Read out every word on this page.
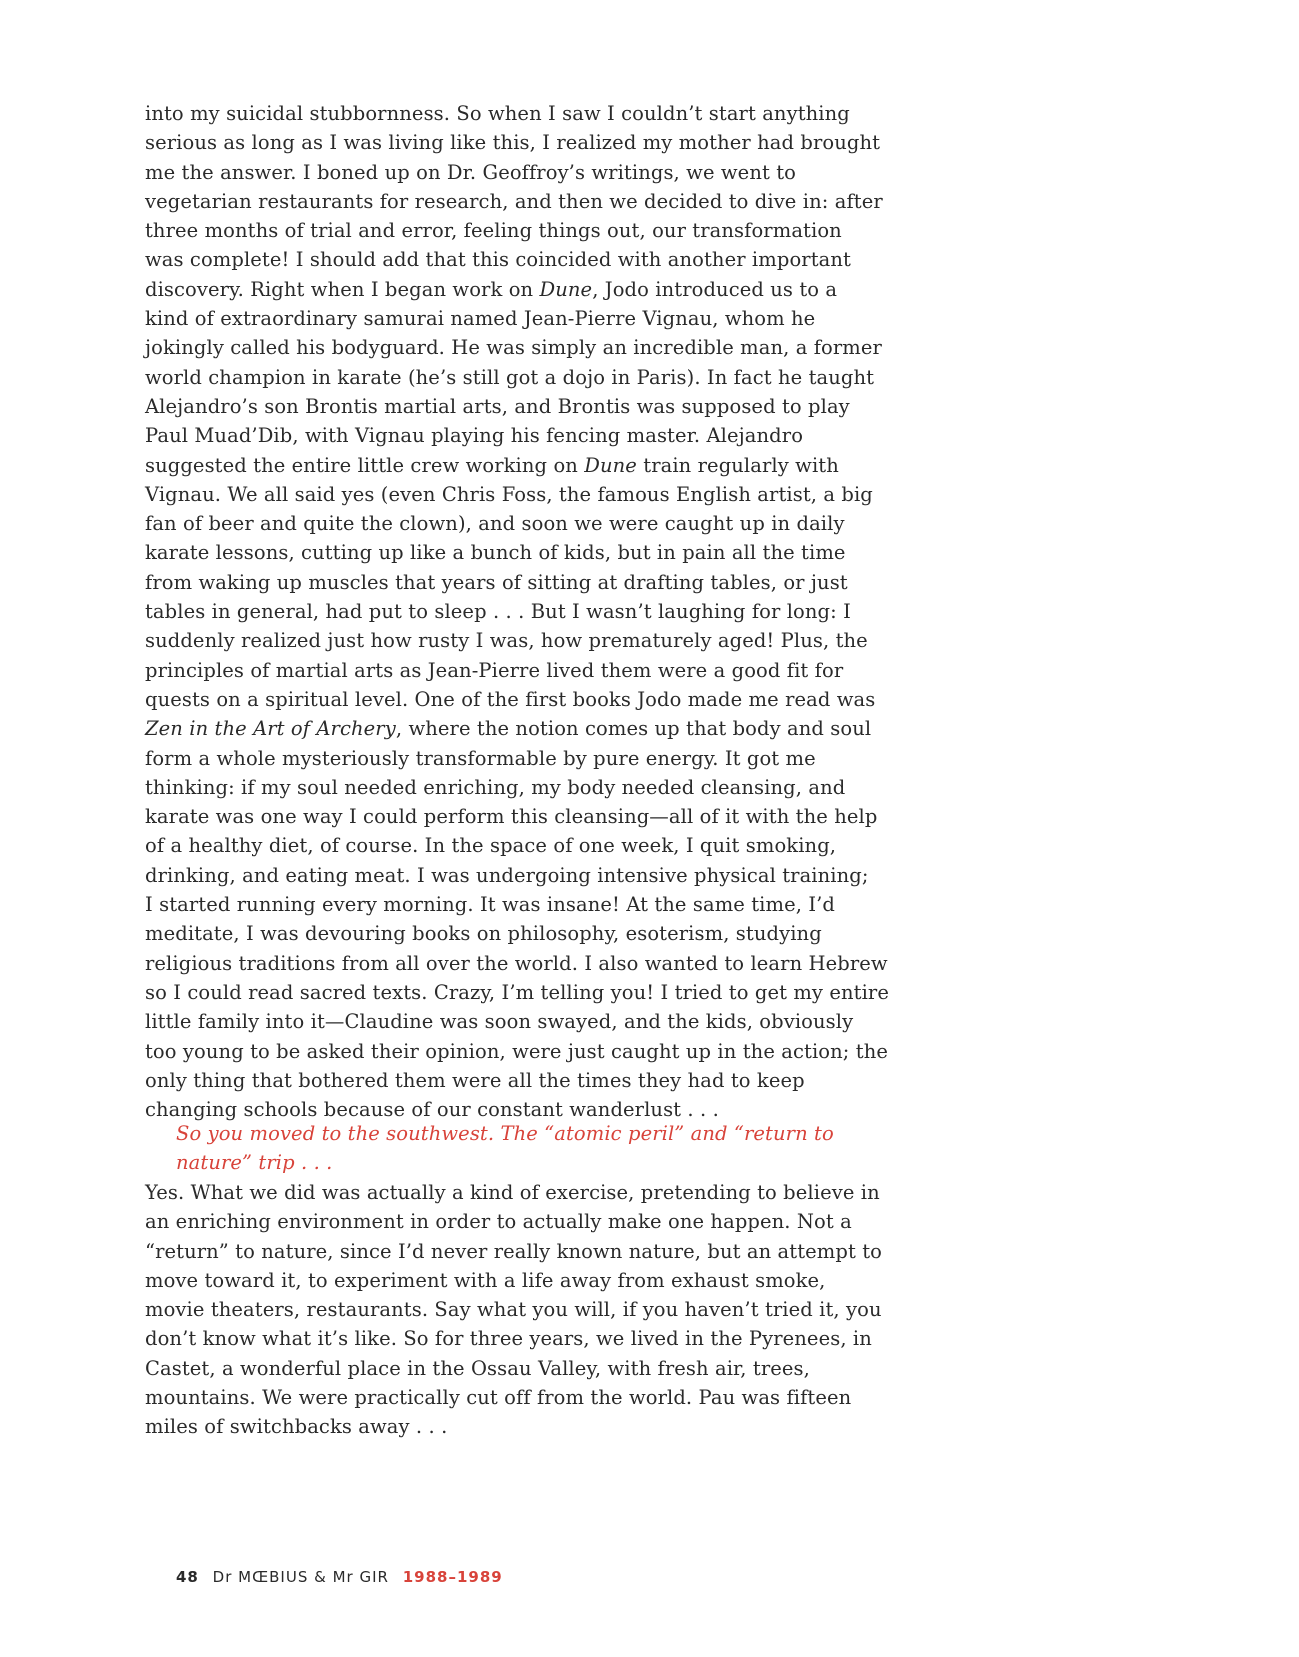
into my suicidal stubbornness. So when I saw I couldn’t start anything
serious as long as I was living like this, I realized my mother had brought
me the answer. I boned up on Dr. Geoffroy’s writings, we went to
vegetarian restaurants for research, and then we decided to dive in: after
three months of trial and error, feeling things out, our transformation
was complete! I should add that this coincided with another important
discovery. Right when I began work on Dune, Jodo introduced us to a
kind of extraordinary samurai named Jean-Pierre Vignau, whom he
jokingly called his bodyguard. He was simply an incredible man, a former
world champion in karate (he’s still got a dojo in Paris). In fact he taught
Alejandro’s son Brontis martial arts, and Brontis was supposed to play
Paul Muad’Dib, with Vignau playing his fencing master. Alejandro
suggested the entire little crew working on Dune train regularly with
Vignau. We all said yes (even Chris Foss, the famous English artist, a big
fan of beer and quite the clown), and soon we were caught up in daily
karate lessons, cutting up like a bunch of kids, but in pain all the time
from waking up muscles that years of sitting at drafting tables, or just
tables in general, had put to sleep . . . But I wasn’t laughing for long: I
suddenly realized just how rusty I was, how prematurely aged! Plus, the
principles of martial arts as Jean-Pierre lived them were a good fit for
quests on a spiritual level. One of the first books Jodo made me read was
Zen in the Art of Archery, where the notion comes up that body and soul
form a whole mysteriously transformable by pure energy. It got me
thinking: if my soul needed enriching, my body needed cleansing, and
karate was one way I could perform this cleansing—all of it with the help
of a healthy diet, of course. In the space of one week, I quit smoking,
drinking, and eating meat. I was undergoing intensive physical training;
I started running every morning. It was insane! At the same time, I’d
meditate, I was devouring books on philosophy, esoterism, studying
religious traditions from all over the world. I also wanted to learn Hebrew
so I could read sacred texts. Crazy, I’m telling you! I tried to get my entire
little family into it—Claudine was soon swayed, and the kids, obviously
too young to be asked their opinion, were just caught up in the action; the
only thing that bothered them were all the times they had to keep
changing schools because of our constant wanderlust . . .
So you moved to the southwest. The “atomic peril” and “return to
nature” trip . . .
Yes. What we did was actually a kind of exercise, pretending to believe in
an enriching environment in order to actually make one happen. Not a
“return” to nature, since I’d never really known nature, but an attempt to
move toward it, to experiment with a life away from exhaust smoke,
movie theaters, restaurants. Say what you will, if you haven’t tried it, you
don’t know what it’s like. So for three years, we lived in the Pyrenees, in
Castet, a wonderful place in the Ossau Valley, with fresh air, trees,
mountains. We were practically cut off from the world. Pau was fifteen
miles of switchbacks away . . .
48 Dr MŒBIUS & Mr GIR 1988–1989
